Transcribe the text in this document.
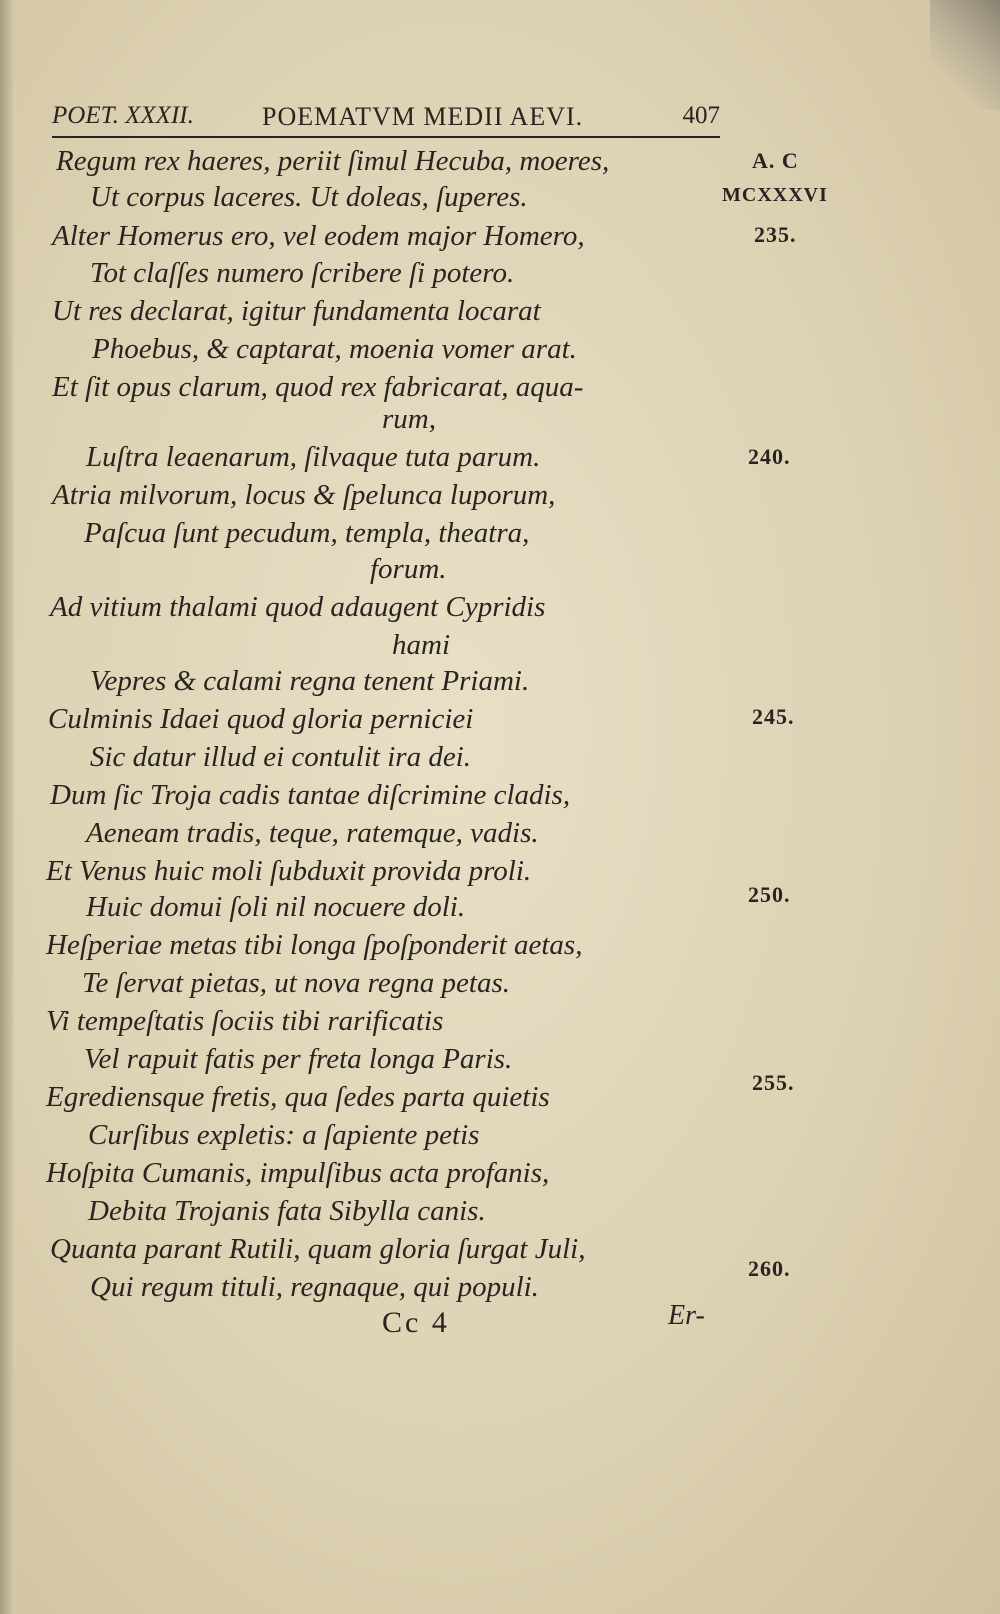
POET. XXXII.	POEMATVM MEDII AEVI.	407
A. C
MCXXXVI
235.
240.
245.
250.
255.
260.
Regum rex haeres, periit ſimul Hecuba, moeres,
Ut corpus laceres. Ut doleas, ſuperes.
Alter Homerus ero, vel eodem major Homero,
Tot claſſes numero ſcribere ſi potero.
Ut res declarat, igitur fundamenta locarat
Phoebus, & captarat, moenia vomer arat.
Et ſit opus clarum, quod rex fabricarat, aqua-
rum,
Luſtra leaenarum, ſilvaque tuta parum.
Atria milvorum, locus & ſpelunca luporum,
Paſcua ſunt pecudum, templa, theatra,
forum.
Ad vitium thalami quod adaugent Cypridis
hami
Vepres & calami regna tenent Priami.
Culminis Idaei quod gloria perniciei
Sic datur illud ei contulit ira dei.
Dum ſic Troja cadis tantae diſcrimine cladis,
Aeneam tradis, teque, ratemque, vadis.
Et Venus huic moli ſubduxit provida proli.
Huic domui ſoli nil nocuere doli.
Heſperiae metas tibi longa ſpoſponderit aetas,
Te ſervat pietas, ut nova regna petas.
Vi tempeſtatis ſociis tibi rarificatis
Vel rapuit fatis per freta longa Paris.
Egrediensque fretis, qua ſedes parta quietis
Curſibus expletis: a ſapiente petis
Hoſpita Cumanis, impulſibus acta profanis,
Debita Trojanis fata Sibylla canis.
Quanta parant Rutili, quam gloria ſurgat Juli,
Qui regum tituli, regnaque, qui populi.
Cc 4	Er-
